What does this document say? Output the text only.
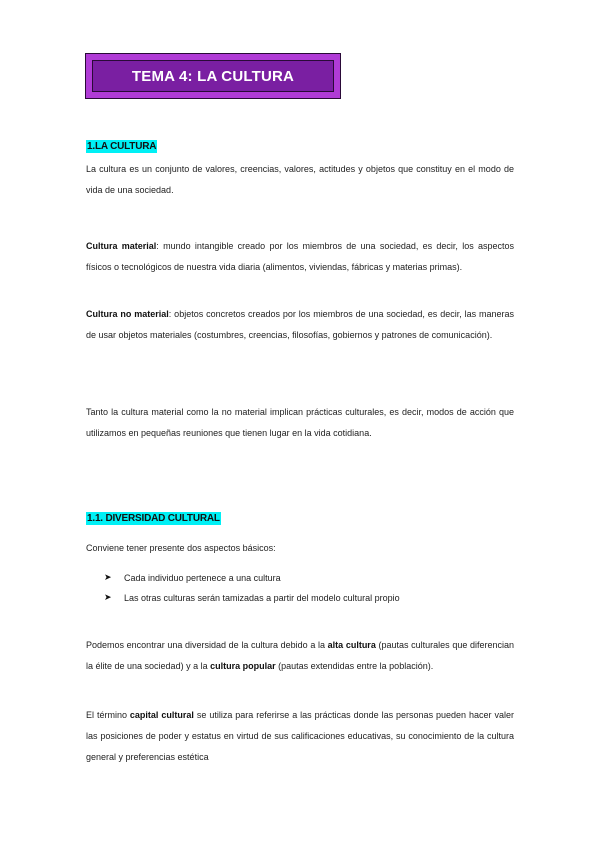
TEMA 4: LA CULTURA
1.LA CULTURA

La cultura es un conjunto de valores, creencias, valores, actitudes y objetos que constituy en el modo de vida de una sociedad.

Cultura material: mundo intangible creado por los miembros de una sociedad, es decir, los aspectos físicos o tecnológicos de nuestra vida diaria (alimentos, viviendas, fábricas y materias primas).

Cultura no material: objetos concretos creados por los miembros de una sociedad, es decir, las maneras de usar objetos materiales (costumbres, creencias, filosofías, gobiernos y patrones de comunicación).

Tanto la cultura material como la no material implican prácticas culturales, es decir, modos de acción que utilizamos en pequeñas reuniones que tienen lugar en la vida cotidiana.

1.1. DIVERSIDAD CULTURAL

Conviene tener presente dos aspectos básicos:

➤	Cada individuo pertenece a una cultura
➤	Las otras culturas serán tamizadas a partir del modelo cultural propio

Podemos encontrar una diversidad de la cultura debido a la alta cultura (pautas culturales que diferencian la élite de una sociedad) y a la cultura popular (pautas extendidas entre la población).

El término capital cultural se utiliza para referirse a las prácticas donde las personas pueden hacer valer las posiciones de poder y estatus en virtud de sus calificaciones educativas, su conocimiento de la cultura general y preferencias estética
